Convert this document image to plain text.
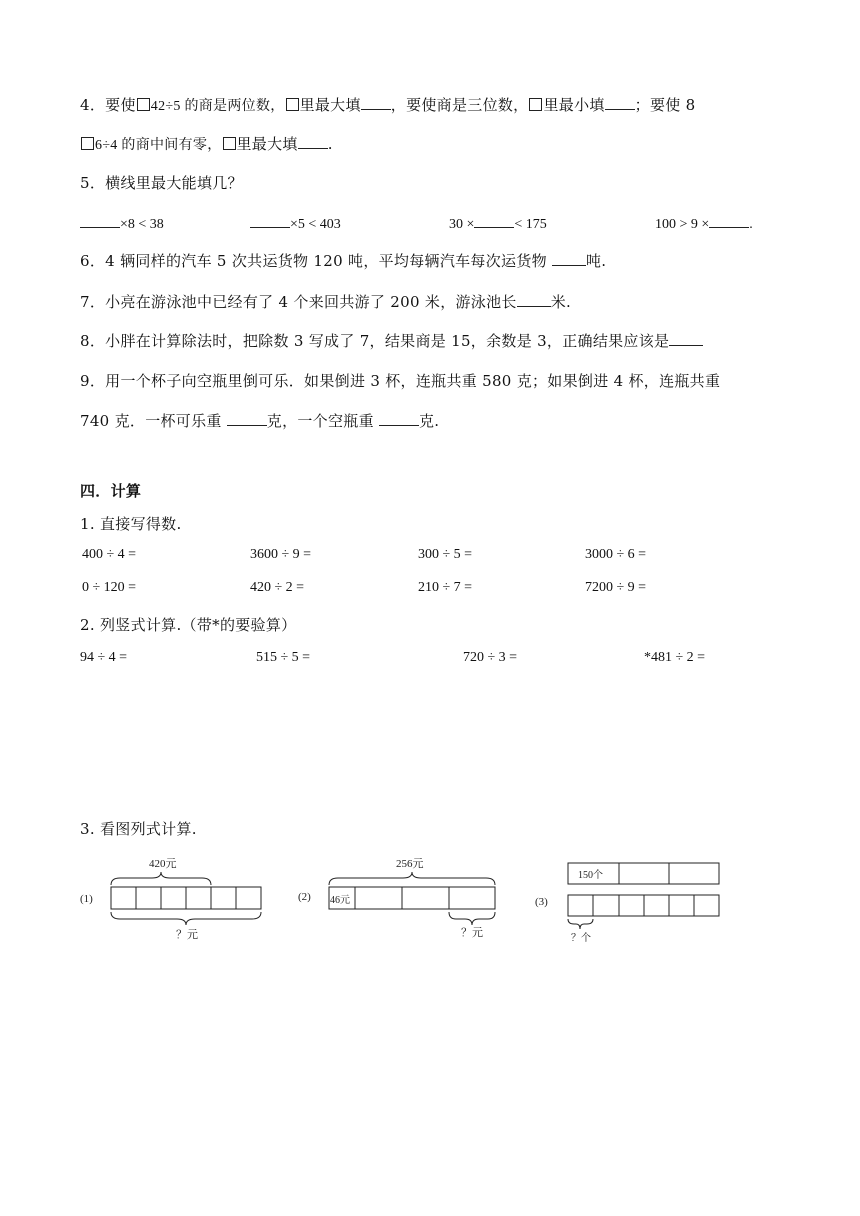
4．要使 42÷5 的商是两位数， 里最大填 ，要使商是三位数， 里最小填 ；要使 8
6÷4 的商中间有零， 里最大填 .
5．横线里最大能填几？
×8 < 38	×5 < 403	30 ×	< 175	100 > 9 ×	.
6．4 辆同样的汽车 5 次共运货物 120 吨，平均每辆汽车每次运货物	吨.
7．小亮在游泳池中已经有了 4 个来回共游了 200 米，游泳池长 米.
8．小胖在计算除法时，把除数 3 写成了 7，结果商是 15，余数是 3，正确结果应该是
9．用一个杯子向空瓶里倒可乐．如果倒进 3 杯，连瓶共重 580 克；如果倒进 4 杯，连瓶共重
740 克．一杯可乐重	克，一个空瓶重	克.
四．计算
1. 直接写得数.
400 ÷ 4 =	3600 ÷ 9 =	300 ÷ 5 =	3000 ÷ 6 =
0 ÷ 120 =	420 ÷ 2 =	210 ÷ 7 =	7200 ÷ 9 =
2. 列竖式计算.（带*的要验算）
94 ÷ 4 =	515 ÷ 5 =	720 ÷ 3 =	*481 ÷ 2 =
3. 看图列式计算.
(1)
420元
？元
(2)
256元
46元
？元
(3)
150个
？个
